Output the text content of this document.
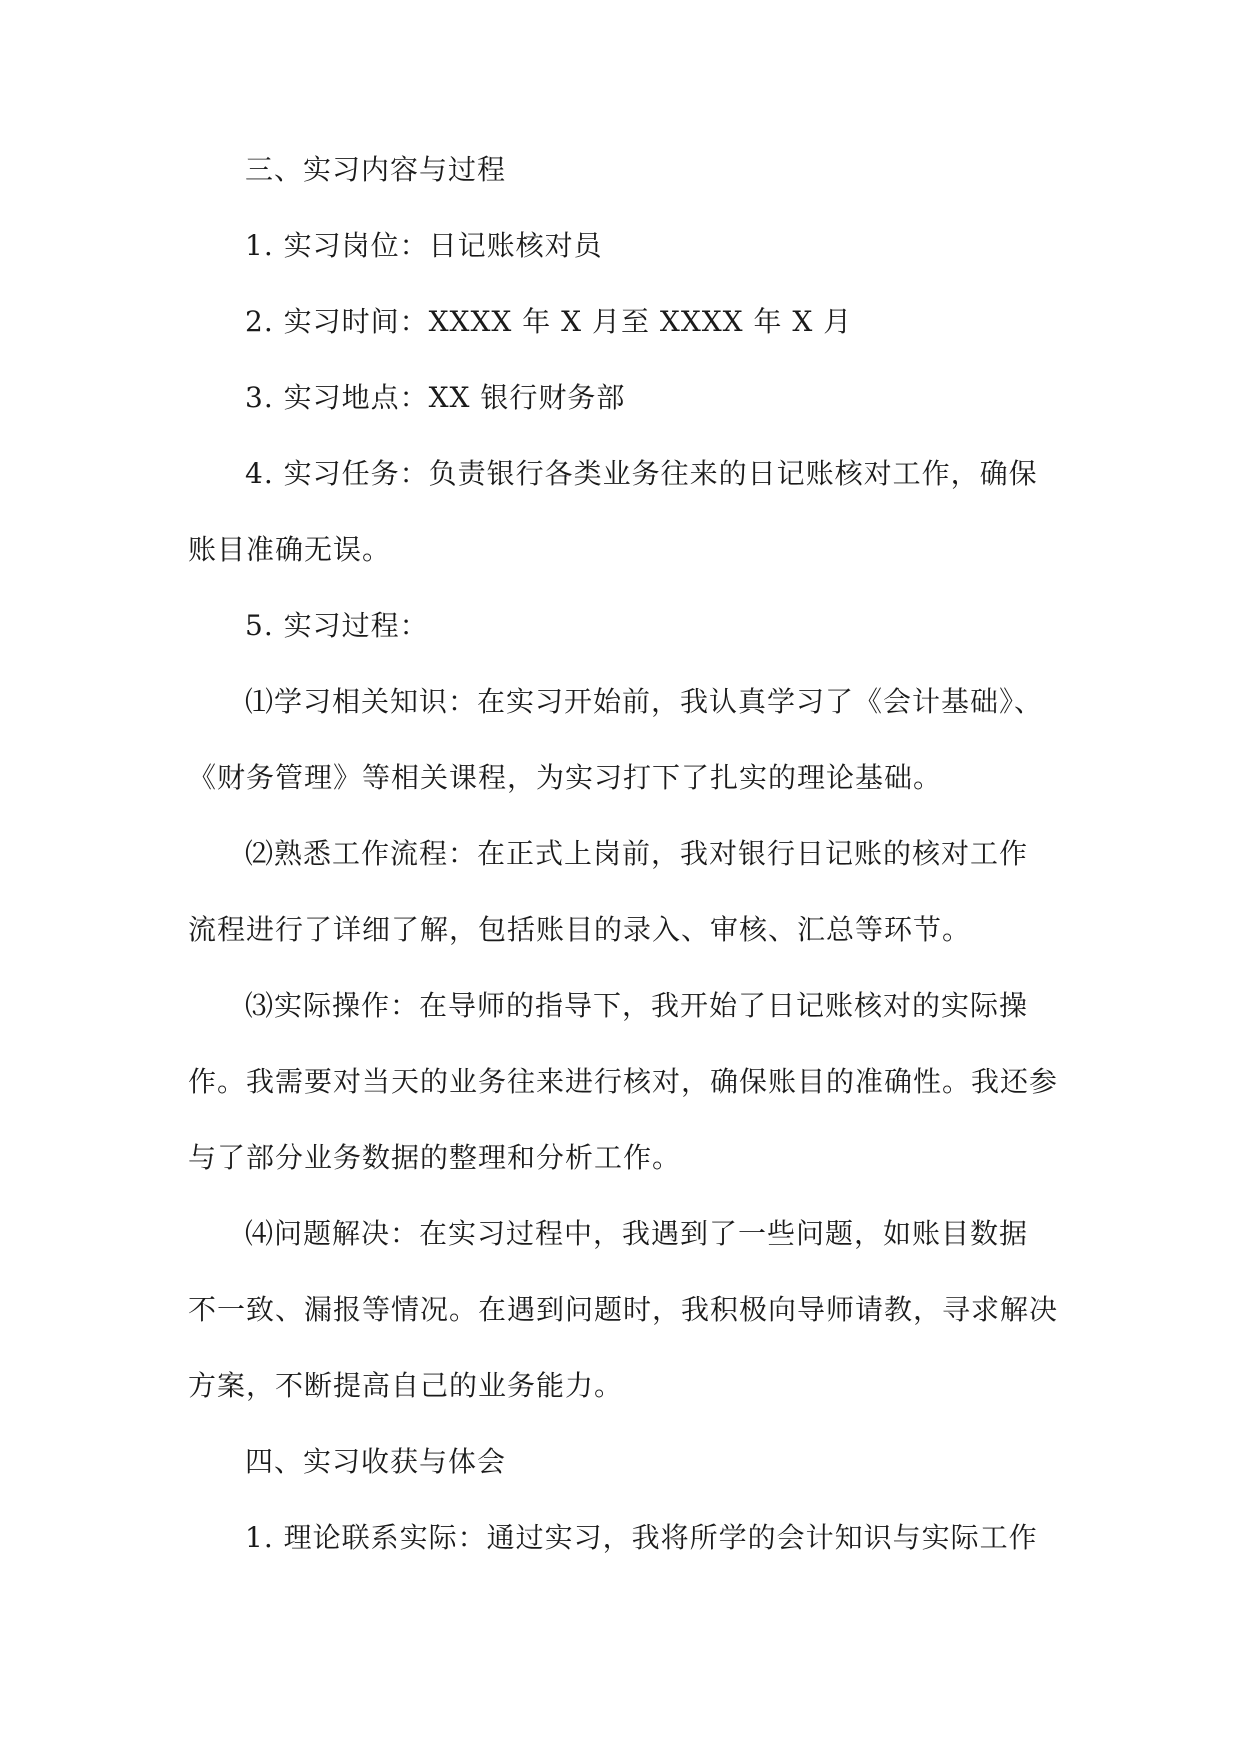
三、实习内容与过程
1. 实习岗位：日记账核对员
2. 实习时间：XXXX 年 X 月至 XXXX 年 X 月
3. 实习地点：XX 银行财务部
4. 实习任务：负责银行各类业务往来的日记账核对工作，确保
账目准确无误。
5. 实习过程：
⑴学习相关知识：在实习开始前，我认真学习了《会计基础》、
《财务管理》等相关课程，为实习打下了扎实的理论基础。
⑵熟悉工作流程：在正式上岗前，我对银行日记账的核对工作
流程进行了详细了解，包括账目的录入、审核、汇总等环节。
⑶实际操作：在导师的指导下，我开始了日记账核对的实际操
作。我需要对当天的业务往来进行核对，确保账目的准确性。我还参
与了部分业务数据的整理和分析工作。
⑷问题解决：在实习过程中，我遇到了一些问题，如账目数据
不一致、漏报等情况。在遇到问题时，我积极向导师请教，寻求解决
方案，不断提高自己的业务能力。
四、实习收获与体会
1. 理论联系实际：通过实习，我将所学的会计知识与实际工作
